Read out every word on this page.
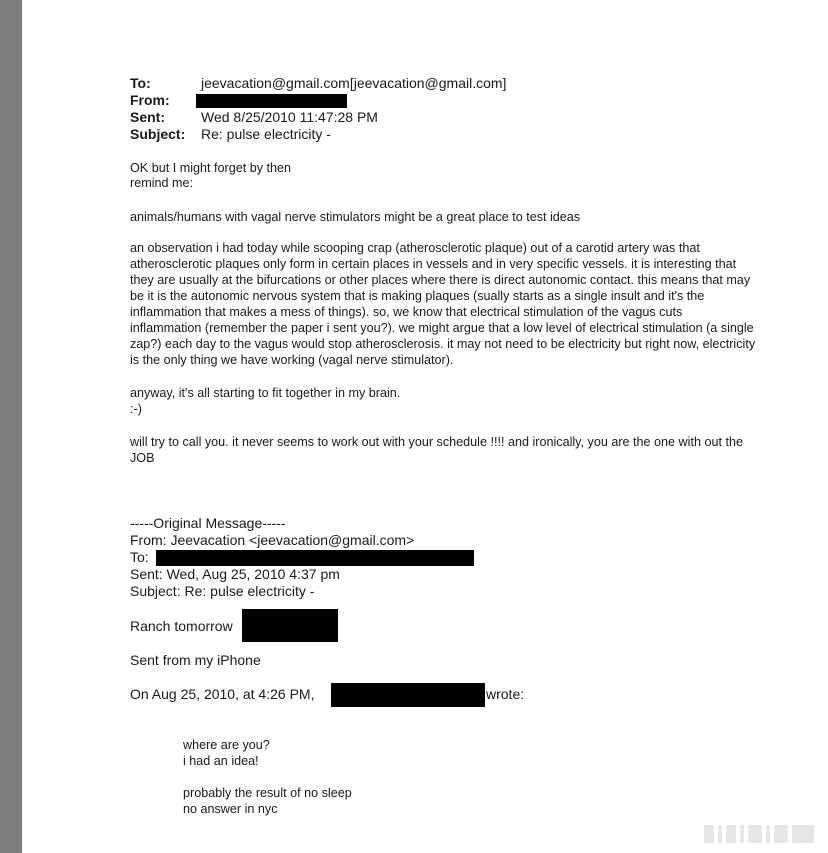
To:	jeevacation@gmail.com[jeevacation@gmail.com]
From:
Sent:	Wed 8/25/2010 11:47:28 PM
Subject: Re: pulse electricity -
OK but I might forget by then
remind me:
animals/humans with vagal nerve stimulators might be a great place to test ideas
an observation i had today while scooping crap (atherosclerotic plaque) out of a carotid artery was that
atherosclerotic plaques only form in certain places in vessels and in very specific vessels. it is interesting that
they are usually at the bifurcations or other places where there is direct autonomic contact. this means that may
be it is the autonomic nervous system that is making plaques (sually starts as a single insult and it's the
inflammation that makes a mess of things). so, we know that electrical stimulation of the vagus cuts
inflammation (remember the paper i sent you?). we might argue that a low level of electrical stimulation (a single
zap?) each day to the vagus would stop atherosclerosis. it may not need to be electricity but right now, electricity
is the only thing we have working (vagal nerve stimulator).
anyway, it's all starting to fit together in my brain.
:-)
will try to call you. it never seems to work out with your schedule !!!! and ironically, you are the one with out the
JOB
-----Original Message-----
From: Jeevacation <jeevacation@gmail.com>
To:
Sent: Wed, Aug 25, 2010 4:37 pm
Subject: Re: pulse electricity -
Ranch tomorrow
Sent from my iPhone
On Aug 25, 2010, at 4:26 PM,	wrote:
where are you?
i had an idea!
probably the result of no sleep
no answer in nyc
